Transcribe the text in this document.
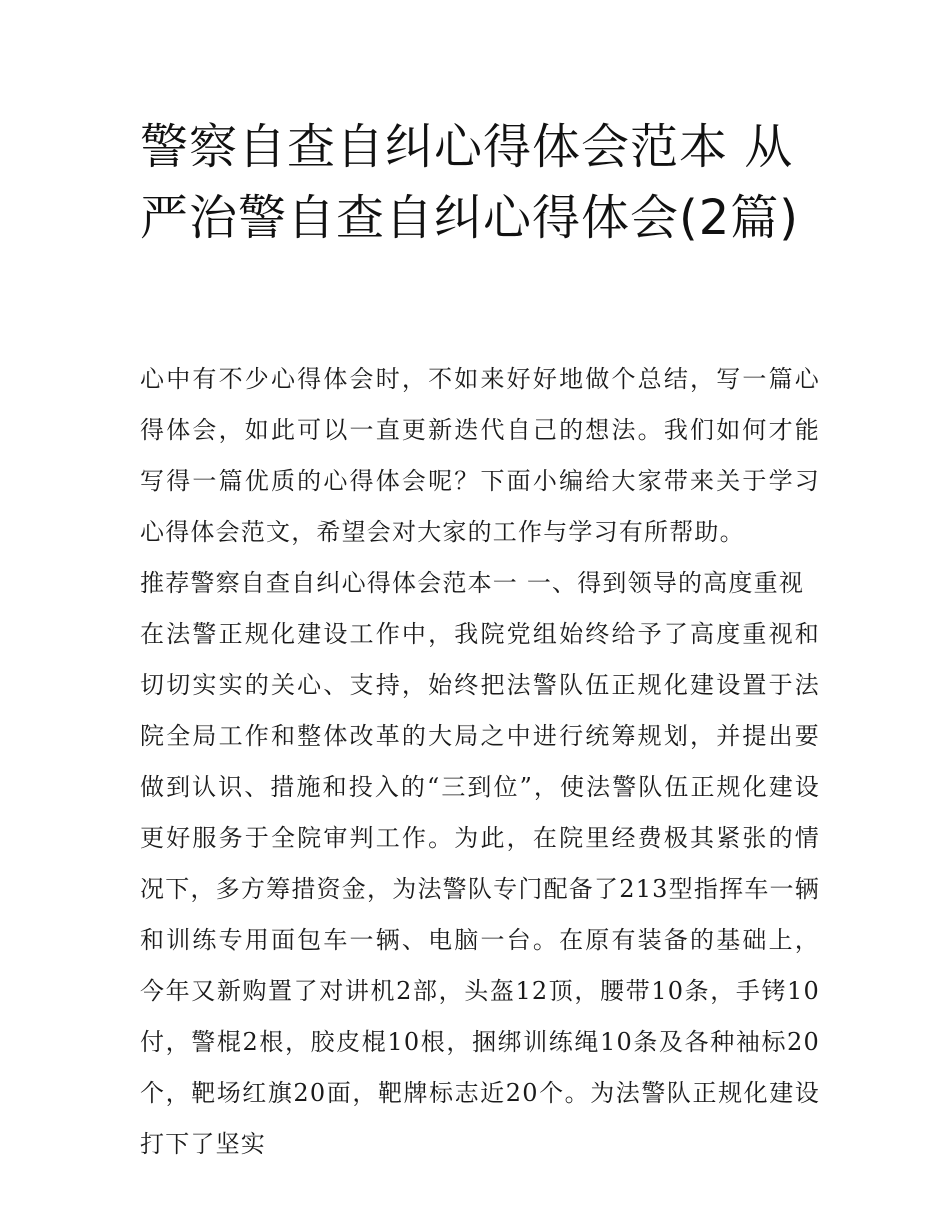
警察自查自纠心得体会范本 从严治警自查自纠心得体会(2篇)

心中有不少心得体会时，不如来好好地做个总结，写一篇心得体会，如此可以一直更新迭代自己的想法。我们如何才能写得一篇优质的心得体会呢？下面小编给大家带来关于学习心得体会范文，希望会对大家的工作与学习有所帮助。

推荐警察自查自纠心得体会范本一 一、得到领导的高度重视

在法警正规化建设工作中，我院党组始终给予了高度重视和切切实实的关心、支持，始终把法警队伍正规化建设置于法院全局工作和整体改革的大局之中进行统筹规划，并提出要做到认识、措施和投入的“三到位”，使法警队伍正规化建设更好服务于全院审判工作。为此，在院里经费极其紧张的情况下，多方筹措资金，为法警队专门配备了213型指挥车一辆和训练专用面包车一辆、电脑一台。在原有装备的基础上，今年又新购置了对讲机2部，头盔12顶，腰带10条，手铐10付，警棍2根，胶皮棍10根，捆绑训练绳10条及各种袖标20个，靶场红旗20面，靶牌标志近20个。为法警队正规化建设打下了坚实
